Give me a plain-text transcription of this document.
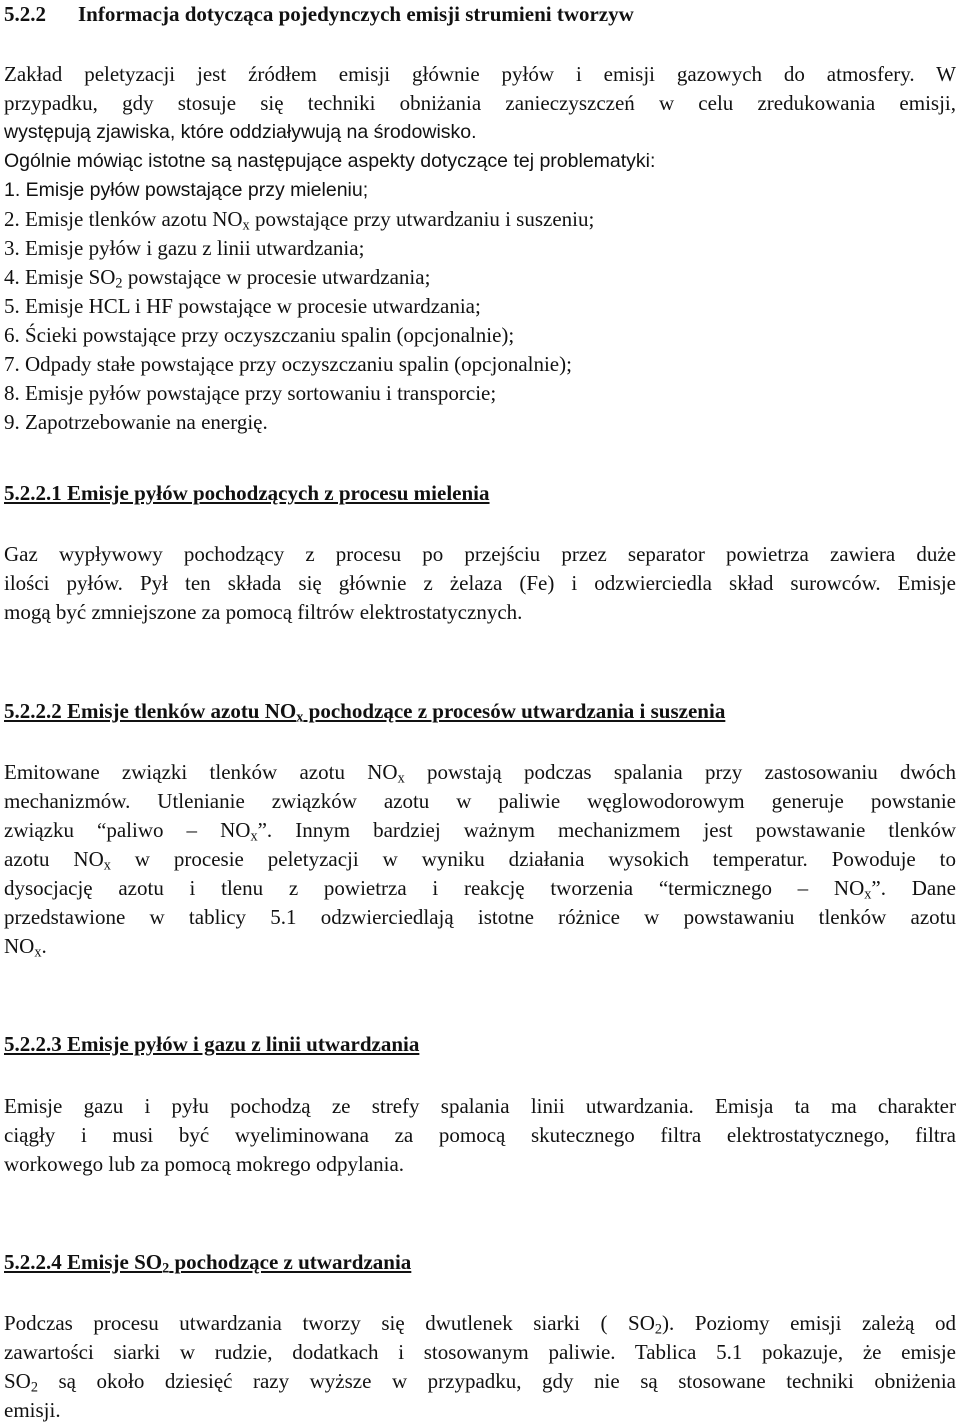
5.2.2 Informacja dotycząca pojedynczych emisji strumieni tworzyw
Zakład peletyzacji jest źródłem emisji głównie pyłów i emisji gazowych do atmosfery. W
przypadku, gdy stosuje się techniki obniżania zanieczyszczeń w celu zredukowania emisji,
występują zjawiska, które oddziaływują na środowisko.
Ogólnie mówiąc istotne są następujące aspekty dotyczące tej problematyki:
1. Emisje pyłów powstające przy mieleniu;
2. Emisje tlenków azotu $NO_x$ powstające przy utwardzaniu i suszeniu;
3. Emisje pyłów i gazu z linii utwardzania;
4. Emisje $SO_2$ powstające w procesie utwardzania;
5. Emisje HCL i HF powstające w procesie utwardzania;
6. Ścieki powstające przy oczyszczaniu spalin (opcjonalnie);
7. Odpady stałe powstające przy oczyszczaniu spalin (opcjonalnie);
8. Emisje pyłów powstające przy sortowaniu i transporcie;
9. Zapotrzebowanie na energię.
5.2.2.1 Emisje pyłów pochodzących z procesu mielenia
Gaz wypływowy pochodzący z procesu po przejściu przez separator powietrza zawiera duże
ilości pyłów. Pył ten składa się głównie z żelaza (Fe) i odzwierciedla skład surowców. Emisje
mogą być zmniejszone za pomocą filtrów elektrostatycznych.
5.2.2.2 Emisje tlenków azotu $NO_x$ pochodzące z procesów utwardzania i suszenia
Emitowane związki tlenków azotu $NO_x$ powstają podczas spalania przy zastosowaniu dwóch
mechanizmów. Utlenianie związków azotu w paliwie węglowodorowym generuje powstanie
związku “paliwo – $NO_x$”. Innym bardziej ważnym mechanizmem jest powstawanie tlenków
azotu $NO_x$ w procesie peletyzacji w wyniku działania wysokich temperatur. Powoduje to
dysocjację azotu i tlenu z powietrza i reakcję tworzenia “termicznego – $NO_x$”. Dane
przedstawione w tablicy 5.1 odzwierciedlają istotne różnice w powstawaniu tlenków azotu
$NO_x$.
5.2.2.3 Emisje pyłów i gazu z linii utwardzania
Emisje gazu i pyłu pochodzą ze strefy spalania linii utwardzania. Emisja ta ma charakter
ciągły i musi być wyeliminowana za pomocą skutecznego filtra elektrostatycznego, filtra
workowego lub za pomocą mokrego odpylania.
5.2.2.4 Emisje $SO_2$ pochodzące z utwardzania
Podczas procesu utwardzania tworzy się dwutlenek siarki ( $SO_2$). Poziomy emisji zależą od
zawartości siarki w rudzie, dodatkach i stosowanym paliwie. Tablica 5.1 pokazuje, że emisje
$SO_2$ są około dziesięć razy wyższe w przypadku, gdy nie są stosowane techniki obniżenia
emisji.
